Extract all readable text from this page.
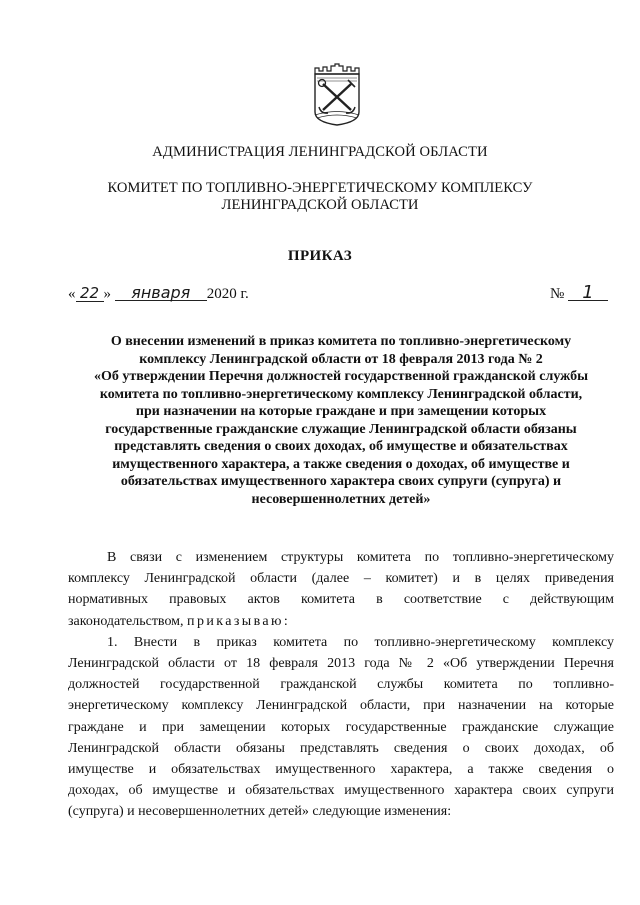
АДМИНИСТРАЦИЯ ЛЕНИНГРАДСКОЙ ОБЛАСТИ
КОМИТЕТ ПО ТОПЛИВНО-ЭНЕРГЕТИЧЕСКОМУ КОМПЛЕКСУ
ЛЕНИНГРАДСКОЙ ОБЛАСТИ
ПРИКАЗ
« 22 » января 2020 г.	№ 1
О внесении изменений в приказ комитета по топливно-энергетическому
комплексу Ленинградской области от 18 февраля 2013 года № 2
«Об утверждении Перечня должностей государственной гражданской службы
комитета по топливно-энергетическому комплексу Ленинградской области,
при назначении на которые граждане и при замещении которых
государственные гражданские служащие Ленинградской области обязаны
представлять сведения о своих доходах, об имуществе и обязательствах
имущественного характера, а также сведения о доходах, об имуществе и
обязательствах имущественного характера своих супруги (супруга) и
несовершеннолетних детей»
В связи с изменением структуры комитета по топливно-энергетическому
комплексу Ленинградской области (далее – комитет) и в целях приведения
нормативных правовых актов комитета в соответствие с действующим
законодательством, приказываю:
1. Внести в приказ комитета по топливно-энергетическому комплексу
Ленинградской области от 18 февраля 2013 года № 2 «Об утверждении Перечня
должностей государственной гражданской службы комитета по топливно-
энергетическому комплексу Ленинградской области, при назначении на которые
граждане и при замещении которых государственные гражданские служащие
Ленинградской области обязаны представлять сведения о своих доходах, об
имуществе и обязательствах имущественного характера, а также сведения о
доходах, об имуществе и обязательствах имущественного характера своих супруги
(супруга) и несовершеннолетних детей» следующие изменения:
